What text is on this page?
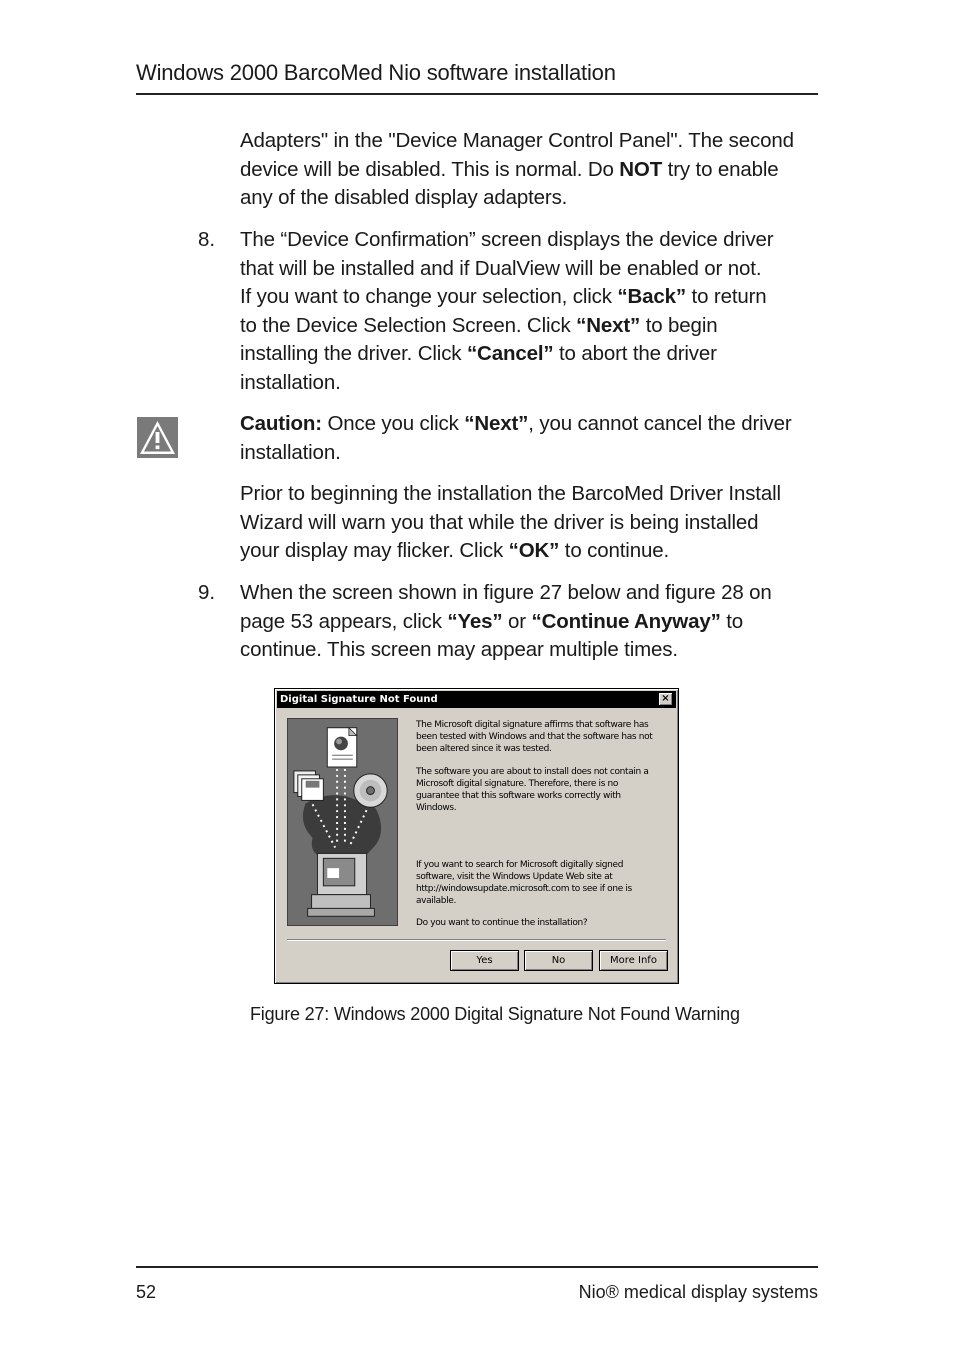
Windows 2000 BarcoMed Nio software installation
Adapters" in the "Device Manager Control Panel". The second
device will be disabled. This is normal. Do NOT try to enable
any of the disabled display adapters.
8. The “Device Confirmation” screen displays the device driver
that will be installed and if DualView will be enabled or not.
If you want to change your selection, click “Back” to return
to the Device Selection Screen. Click “Next” to begin
installing the driver. Click “Cancel” to abort the driver
installation.
Caution: Once you click “Next”, you cannot cancel the driver
installation.
Prior to beginning the installation the BarcoMed Driver Install
Wizard will warn you that while the driver is being installed
your display may flicker. Click “OK” to continue.
9. When the screen shown in figure 27 below and figure 28 on
page 53 appears, click “Yes” or “Continue Anyway” to
continue. This screen may appear multiple times.
Digital Signature Not Found	×
The Microsoft digital signature affirms that software has
been tested with Windows and that the software has not
been altered since it was tested.
The software you are about to install does not contain a
Microsoft digital signature. Therefore, there is no
guarantee that this software works correctly with
Windows.
If you want to search for Microsoft digitally signed
software, visit the Windows Update Web site at
http://windowsupdate.microsoft.com to see if one is
available.
Do you want to continue the installation?
Yes	No	More Info
Figure 27: Windows 2000 Digital Signature Not Found Warning
52	Nio® medical display systems
